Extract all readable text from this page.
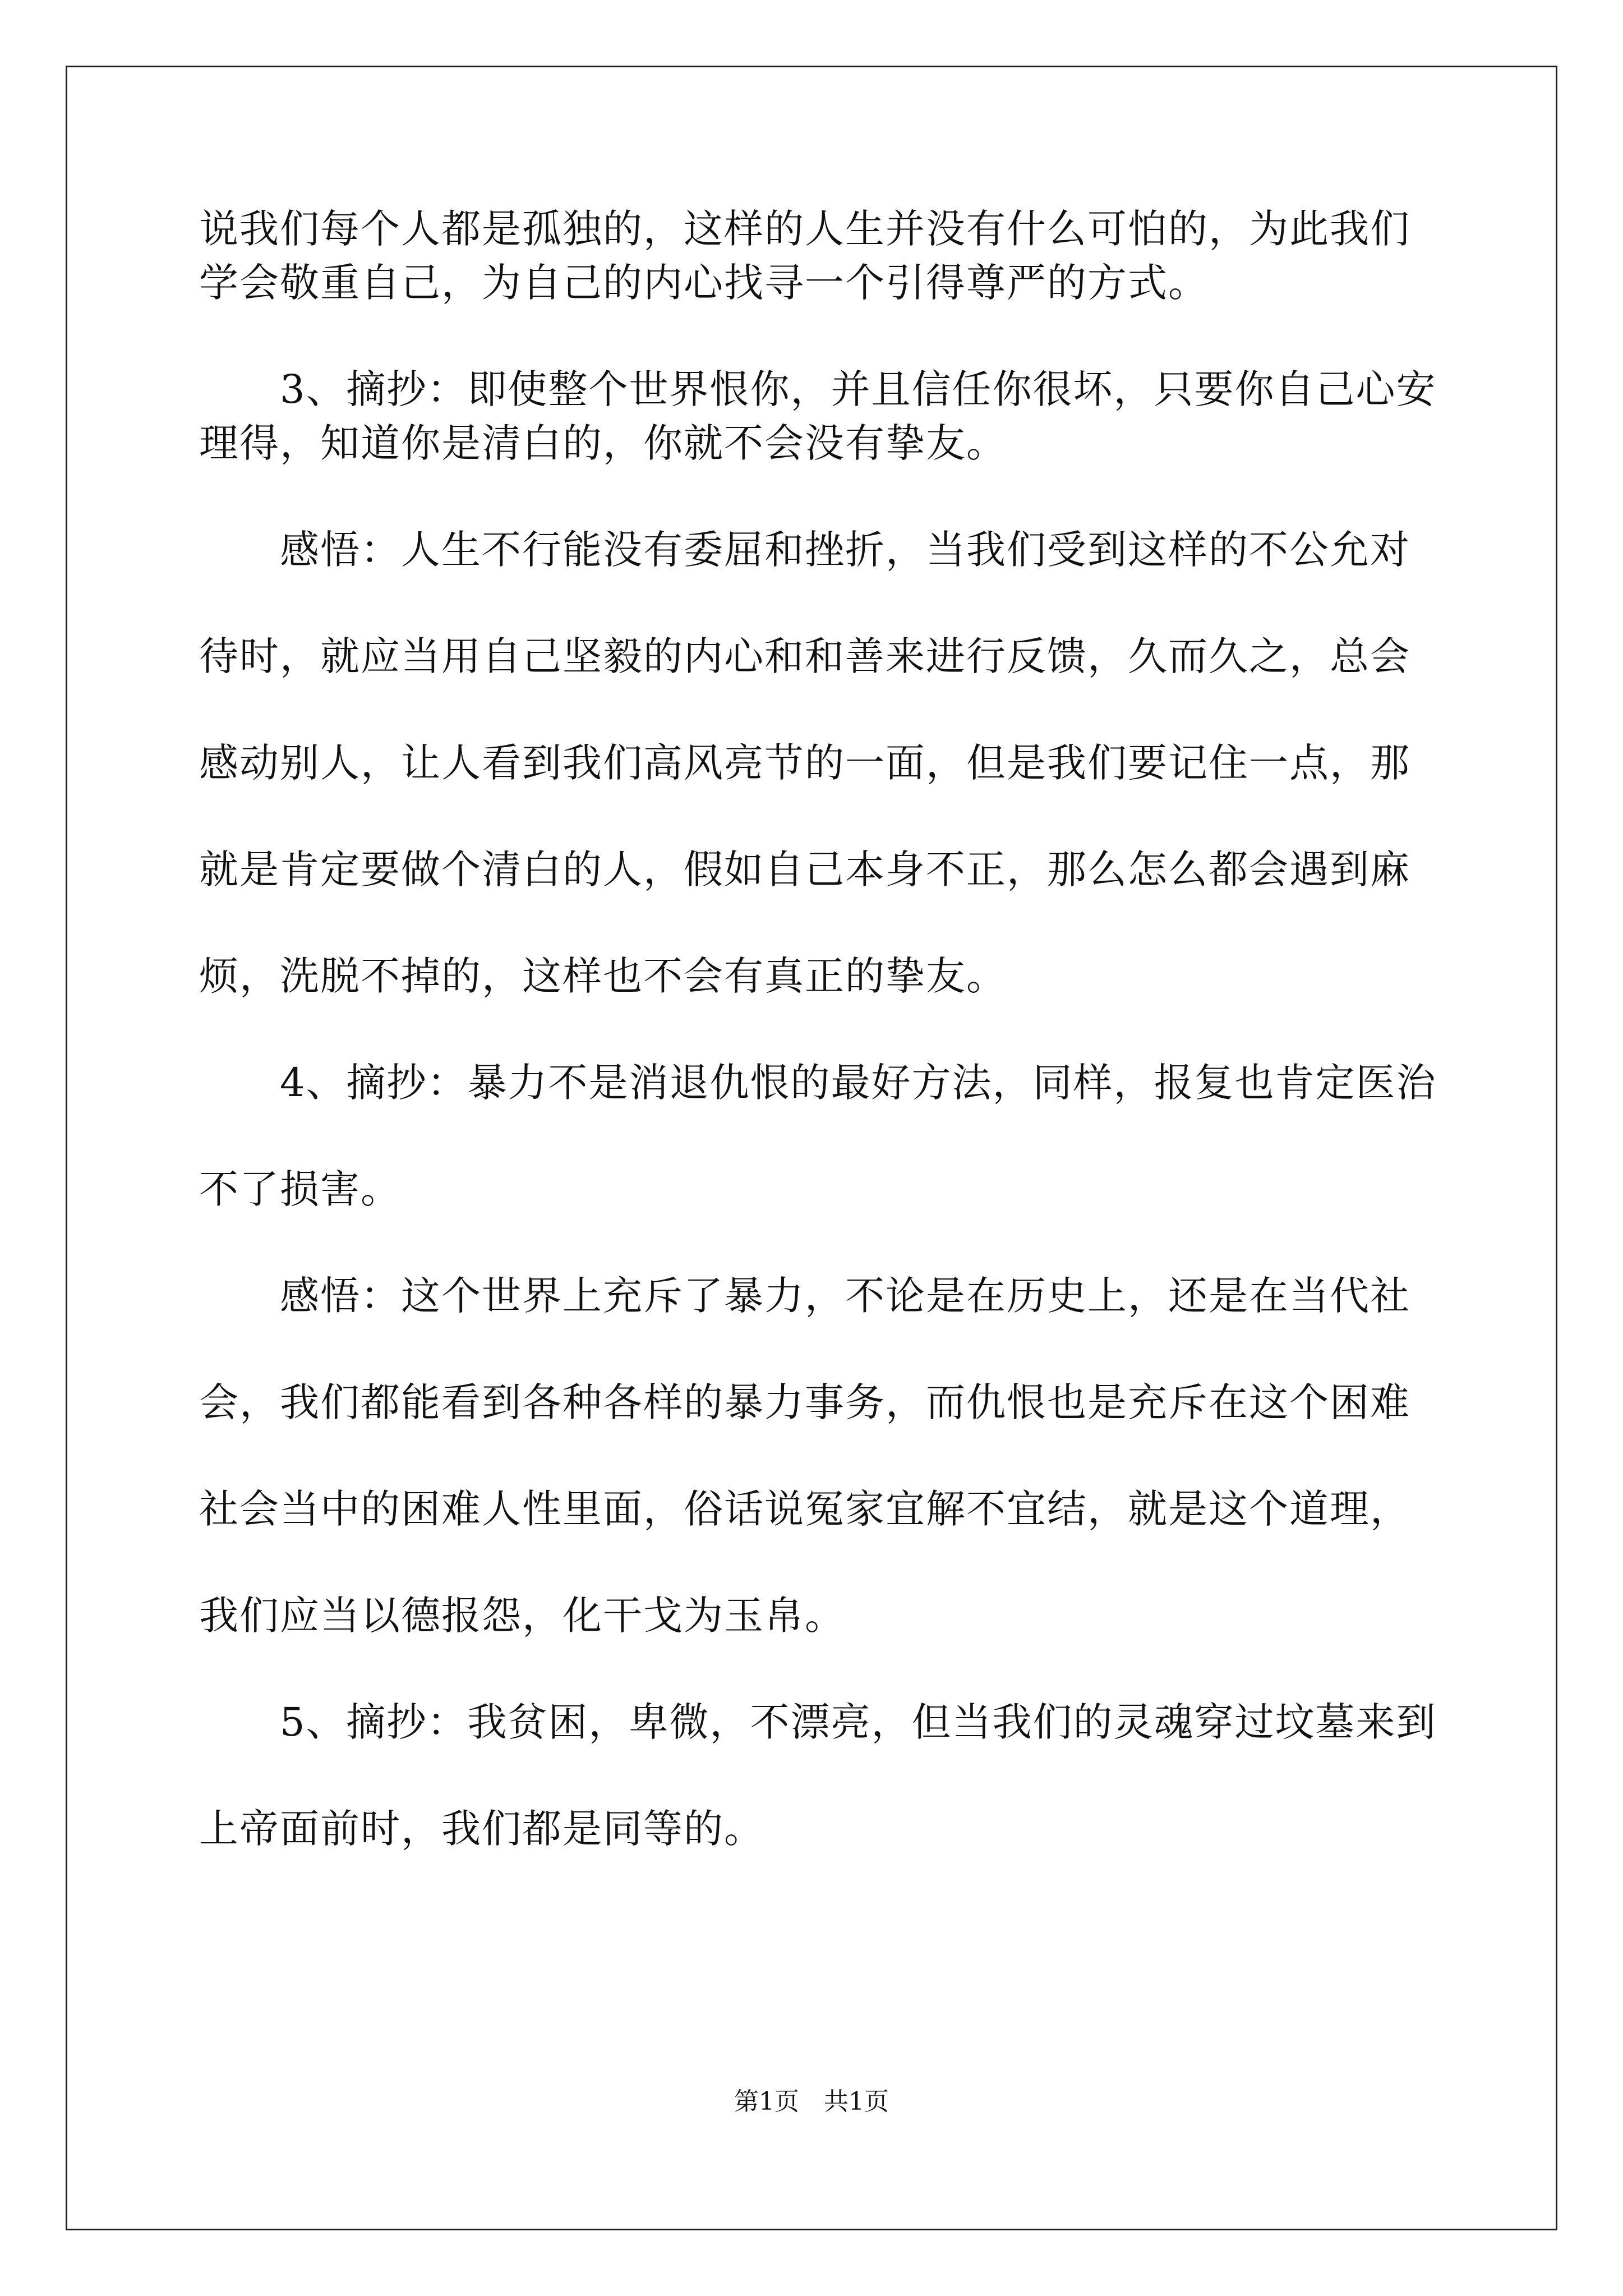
说我们每个人都是孤独的，这样的人生并没有什么可怕的，为此我们
学会敬重自己，为自己的内心找寻一个引得尊严的方式。
　　3、摘抄：即使整个世界恨你，并且信任你很坏，只要你自己心安
理得，知道你是清白的，你就不会没有挚友。
　　感悟：人生不行能没有委屈和挫折，当我们受到这样的不公允对
待时，就应当用自己坚毅的内心和和善来进行反馈，久而久之，总会
感动别人，让人看到我们高风亮节的一面，但是我们要记住一点，那
就是肯定要做个清白的人，假如自己本身不正，那么怎么都会遇到麻
烦，洗脱不掉的，这样也不会有真正的挚友。
　　4、摘抄：暴力不是消退仇恨的最好方法，同样，报复也肯定医治
不了损害。
　　感悟：这个世界上充斥了暴力，不论是在历史上，还是在当代社
会，我们都能看到各种各样的暴力事务，而仇恨也是充斥在这个困难
社会当中的困难人性里面，俗话说冤家宜解不宜结，就是这个道理，
我们应当以德报怨，化干戈为玉帛。
　　5、摘抄：我贫困，卑微，不漂亮，但当我们的灵魂穿过坟墓来到
上帝面前时，我们都是同等的。
第1页　共1页
